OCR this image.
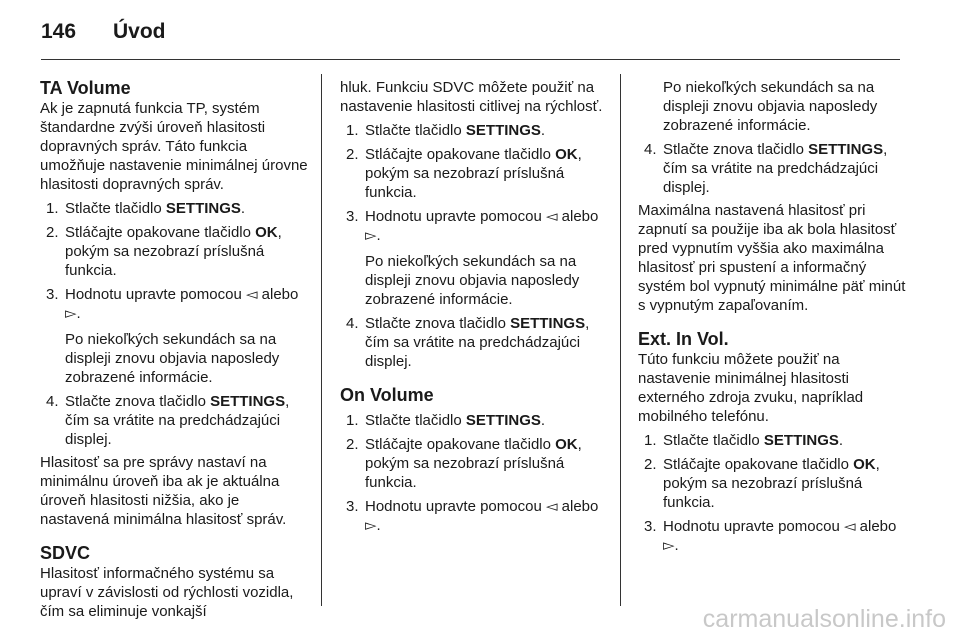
146	Úvod
TA Volume

Ak je zapnutá funkcia TP, systém štandardne zvýši úroveň hlasitosti dopravných správ. Táto funkcia umožňuje nastavenie minimálnej úrovne hlasitosti dopravných správ.

1. Stlačte tlačidlo SETTINGS.
2. Stláčajte opakovane tlačidlo OK, pokým sa nezobrazí príslušná funkcia.
3. Hodnotu upravte pomocou ◅ alebo ▻.
Po niekoľkých sekundách sa na displeji znovu objavia naposledy zobrazené informácie.
4. Stlačte znova tlačidlo SETTINGS, čím sa vrátite na predchádzajúci displej.

Hlasitosť sa pre správy nastaví na minimálnu úroveň iba ak je aktuálna úroveň hlasitosti nižšia, ako je nastavená minimálna hlasitosť správ.

SDVC

Hlasitosť informačného systému sa upraví v závislosti od rýchlosti vozidla, čím sa eliminuje vonkajší

hluk. Funkciu SDVC môžete použiť na nastavenie hlasitosti citlivej na rýchlosť.

1. Stlačte tlačidlo SETTINGS.
2. Stláčajte opakovane tlačidlo OK, pokým sa nezobrazí príslušná funkcia.
3. Hodnotu upravte pomocou ◅ alebo ▻.
Po niekoľkých sekundách sa na displeji znovu objavia naposledy zobrazené informácie.
4. Stlačte znova tlačidlo SETTINGS, čím sa vrátite na predchádzajúci displej.
On Volume
1. Stlačte tlačidlo SETTINGS.
2. Stláčajte opakovane tlačidlo OK, pokým sa nezobrazí príslušná funkcia.
3. Hodnotu upravte pomocou ◅ alebo ▻.

Po niekoľkých sekundách sa na displeji znovu objavia naposledy zobrazené informácie.

4. Stlačte znova tlačidlo SETTINGS, čím sa vrátite na predchádzajúci displej.

Maximálna nastavená hlasitosť pri zapnutí sa použije iba ak bola hlasitosť pred vypnutím vyššia ako maximálna hlasitosť pri spustení a informačný systém bol vypnutý minimálne päť minút s vypnutým zapaľovaním.

Ext. In Vol.

Túto funkciu môžete použiť na nastavenie minimálnej hlasitosti externého zdroja zvuku, napríklad mobilného telefónu.

1. Stlačte tlačidlo SETTINGS.
2. Stláčajte opakovane tlačidlo OK, pokým sa nezobrazí príslušná funkcia.
3. Hodnotu upravte pomocou ◅ alebo ▻.
carmanualsonline.info
